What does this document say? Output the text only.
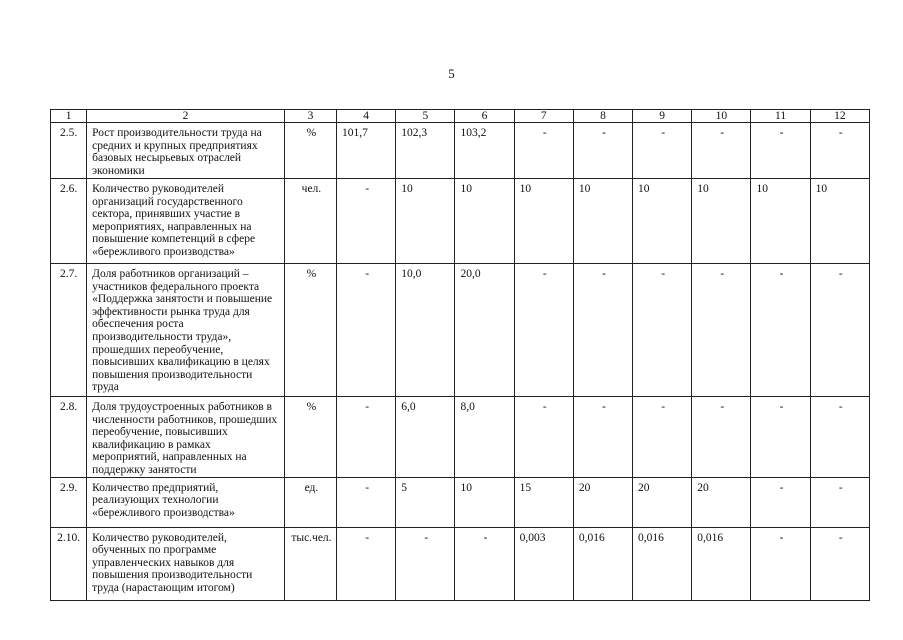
5
1	2	3	4	5	6	7	8	9	10	11	12
2.5.	Рост производительности труда на средних и крупных предприятиях базовых несырьевых отраслей экономики	%	101,7	102,3	103,2	-	-	-	-	-	-
2.6.	Количество руководителей организаций государственного сектора, принявших участие в мероприятиях, направленных на повышение компетенций в сфере «бережливого производства»	чел.	-	10	10	10	10	10	10	10	10
2.7.	Доля работников организаций – участников федерального проекта «Поддержка занятости и повышение эффективности рынка труда для обеспечения роста производительности труда», прошедших переобучение, повысивших квалификацию в целях повышения производительности труда	%	-	10,0	20,0	-	-	-	-	-	-
2.8.	Доля трудоустроенных работников в численности работников, прошедших переобучение, повысивших квалификацию в рамках мероприятий, направленных на поддержку занятости	%	-	6,0	8,0	-	-	-	-	-	-
2.9.	Количество предприятий, реализующих технологии «бережливого производства»	ед.	-	5	10	15	20	20	20	-	-
2.10.	Количество руководителей, обученных по программе управленческих навыков для повышения производительности труда (нарастающим итогом)	тыс.чел.	-	-	-	0,003	0,016	0,016	0,016	-	-
